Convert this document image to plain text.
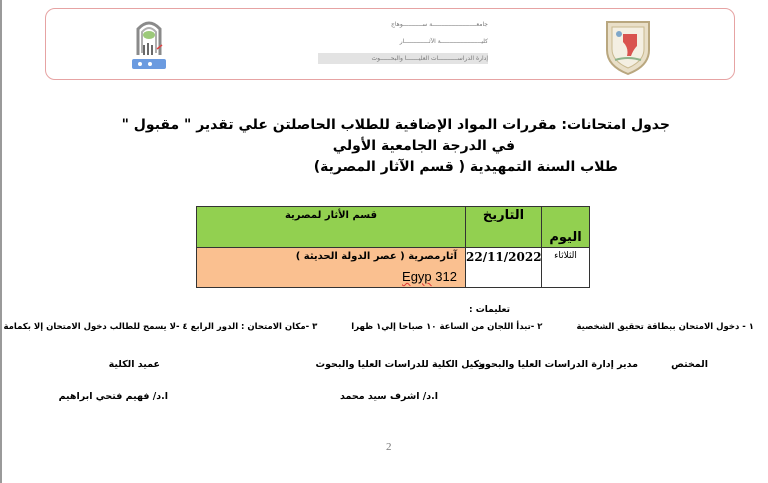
جامعـــــــــــــــــــــــــة ســـــــــــوهاج
كليـــــــــــــــــــــــة الآثــــــــــــــار
إدارة الدراســـــــــــات العليـــــــا والبحــــــوث
جدول امتحانات: مقررات المواد الإضافية للطلاب الحاصلتن علي تقدير " مقبول "
في الدرجة الجامعية الأولي
طلاب السنة التمهيدية ( قسم الآثار المصرية)
اليوم	التاريخ	قسم الأثار لمصرية
الثلاثاء	22/11/2022	آثارمصرية ( عصر الدولة الحديثة )
Egyp 312
تعليمات :
١ - دخول الامتحان ببطاقة تحقيق الشخصية
٢ -تبدأ اللجان من الساعة ١٠ صباحا إلي١ ظهرا
٣ -مكان الامتحان : الدور الرابع ٤ -لا يسمح للطالب دخول الامتحان إلا بكمامة
المختص
مدير إدارة الدراسات العليا والبحوث
وكيل الكلية للدراسات العليا والبحوث
عميد الكلية
ا.د/ اشرف سيد محمد
ا.د/ فهيم فتحي ابراهيم
2
